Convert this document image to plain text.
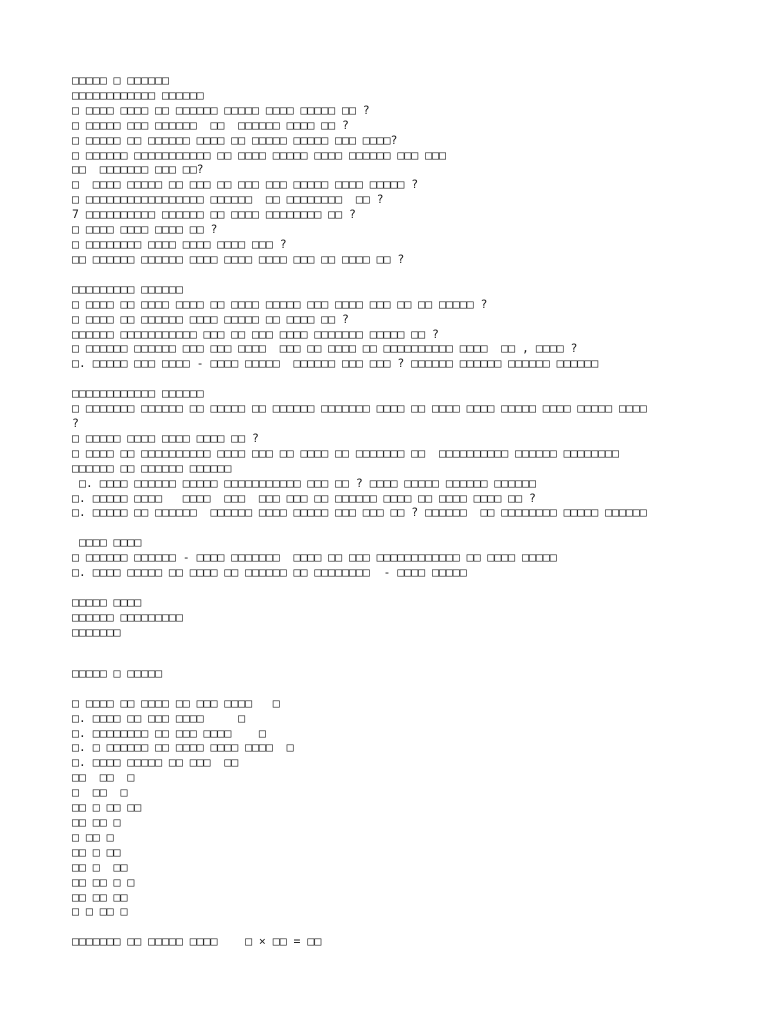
□□□□□ □ □□□□□□
□□□□□□□□□□□□ □□□□□□
□ □□□□ □□□□ □□ □□□□□□ □□□□□ □□□□ □□□□□ □□ ?
□ □□□□□ □□□ □□□□□□  □□  □□□□□□ □□□□ □□ ?
□ □□□□□ □□ □□□□□□ □□□□ □□ □□□□□ □□□□□ □□□ □□□□?
□ □□□□□□ □□□□□□□□□□□ □□ □□□□ □□□□□ □□□□ □□□□□□ □□□ □□□
□□  □□□□□□□ □□□ □□?
□  □□□□ □□□□□ □□ □□□ □□ □□□ □□□ □□□□□ □□□□ □□□□□ ?
□ □□□□□□□□□□□□□□□□□ □□□□□□  □□ □□□□□□□□  □□ ?
7 □□□□□□□□□□ □□□□□□ □□ □□□□ □□□□□□□□ □□ ?
□ □□□□ □□□□ □□□□ □□ ?
□ □□□□□□□□ □□□□ □□□□ □□□□ □□□ ?
□□ □□□□□□ □□□□□□ □□□□ □□□□ □□□□ □□□ □□ □□□□ □□ ?
□□□□□□□□□ □□□□□□
□ □□□□ □□ □□□□ □□□□ □□ □□□□ □□□□□ □□□ □□□□ □□□ □□ □□ □□□□□ ?
□ □□□□ □□ □□□□□□ □□□□ □□□□□ □□ □□□□ □□ ?
□□□□□□ □□□□□□□□□□□ □□□ □□ □□□ □□□□ □□□□□□□ □□□□□ □□ ?
□ □□□□□□ □□□□□□ □□□ □□□ □□□□  □□□ □□ □□□□ □□ □□□□□□□□□□ □□□□  □□ , □□□□ ?
□. □□□□□ □□□ □□□□ - □□□□ □□□□□  □□□□□□ □□□ □□□ ? □□□□□□ □□□□□□ □□□□□□ □□□□□□
□□□□□□□□□□□□ □□□□□□
□ □□□□□□□ □□□□□□ □□ □□□□□ □□ □□□□□□ □□□□□□□ □□□□ □□ □□□□ □□□□ □□□□□ □□□□ □□□□□ □□□□
?
□ □□□□□ □□□□ □□□□ □□□□ □□ ?
□ □□□□ □□ □□□□□□□□□□ □□□□ □□□ □□ □□□□ □□ □□□□□□□ □□  □□□□□□□□□□ □□□□□□ □□□□□□□□
□□□□□□ □□ □□□□□□ □□□□□□
□. □□□□ □□□□□□ □□□□□ □□□□□□□□□□□ □□□ □□ ? □□□□ □□□□□ □□□□□□ □□□□□□
□. □□□□□ □□□□   □□□□  □□□  □□□ □□□ □□ □□□□□□ □□□□ □□ □□□□ □□□□ □□ ?
□. □□□□□ □□ □□□□□□  □□□□□□ □□□□ □□□□□ □□□ □□□ □□ ? □□□□□□  □□ □□□□□□□□ □□□□□ □□□□□□
□□□□ □□□□
□ □□□□□□ □□□□□□ - □□□□ □□□□□□□  □□□□ □□ □□□ □□□□□□□□□□□□ □□ □□□□ □□□□□
□. □□□□ □□□□□ □□ □□□□ □□ □□□□□□ □□ □□□□□□□□  - □□□□ □□□□□
□□□□□ □□□□
□□□□□□ □□□□□□□□□
□□□□□□□
□□□□□ □ □□□□□
□ □□□□ □□ □□□□ □□ □□□ □□□□   □
□. □□□□ □□ □□□ □□□□     □
□. □□□□□□□□ □□ □□□ □□□□    □
□. □ □□□□□□ □□ □□□□ □□□□ □□□□  □
□. □□□□ □□□□□ □□ □□□  □□
□□  □□  □
□  □□  □
□□ □ □□ □□
□□ □□ □
□ □□ □
□□ □ □□
□□ □  □□
□□ □□ □ □
□□ □□ □□
□ □ □□ □
□□□□□□□ □□ □□□□□ □□□□    □ × □□ = □□
